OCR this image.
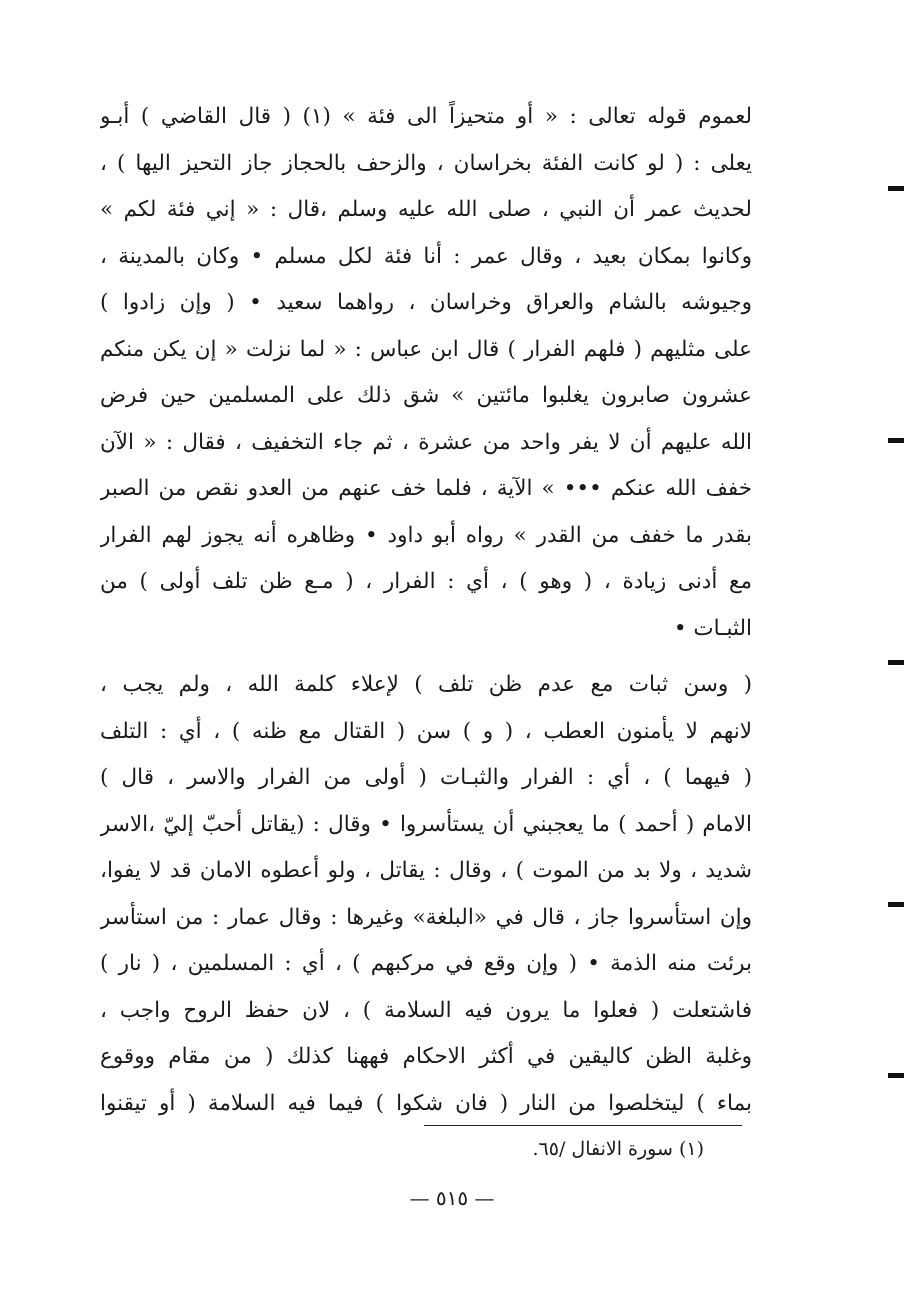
لعموم قوله تعالى : « أو متحيزاً الى فئة » (١) ( قال القاضي ) أبـو
يعلى : ( لو كانت الفئة بخراسان ، والزحف بالحجاز جاز التحيز اليها ) ،
لحديث عمر أن النبي ، صلى الله عليه وسلم ،قال : « إني فئة لكم »
وكانوا بمكان بعيد ، وقال عمر : أنا فئة لكل مسلم • وكان بالمدينة ،
وجيوشه بالشام والعراق وخراسان ، رواهما سعيد • ( وإن زادوا )
على مثليهم ( فلهم الفرار ) قال ابن عباس : « لما نزلت « إن يكن منكم
عشرون صابرون يغلبوا مائتين » شق ذلك على المسلمين حين فرض
الله عليهم أن لا يفر واحد من عشرة ، ثم جاء التخفيف ، فقال : « الآن
خفف الله عنكم ••• » الآية ، فلما خف عنهم من العدو نقص من الصبر
بقدر ما خفف من القدر » رواه أبو داود • وظاهره أنه يجوز لهم الفرار
مع أدنى زيادة ، ( وهو ) ، أي : الفرار ، ( مـع ظن تلف أولى ) من
الثبـات •
( وسن ثبات مع عدم ظن تلف ) لإعلاء كلمة الله ، ولم يجب ،
لانهم لا يأمنون العطب ، ( و ) سن ( القتال مع ظنه ) ، أي : التلف
( فيهما ) ، أي : الفرار والثبـات ( أولى من الفرار والاسر ، قال )
الامام ( أحمد ) ما يعجبني أن يستأسروا • وقال : (يقاتل أحبّ إليّ ،الاسر
شديد ، ولا بد من الموت ) ، وقال : يقاتل ، ولو أعطوه الامان قد لا يفوا،
وإن استأسروا جاز ، قال في «البلغة» وغيرها : وقال عمار : من استأسر
برئت منه الذمة • ( وإن وقع في مركبهم ) ، أي : المسلمين ، ( نار )
فاشتعلت ( فعلوا ما يرون فيه السلامة ) ، لان حفظ الروح واجب ،
وغلبة الظن كاليقين في أكثر الاحكام فههنا كذلك ( من مقام ووقوع
بماء ) ليتخلصوا من النار ( فان شكوا ) فيما فيه السلامة ( أو تيقنوا
(١) سورة الانفال /٦٥.
— ٥١٥ —
